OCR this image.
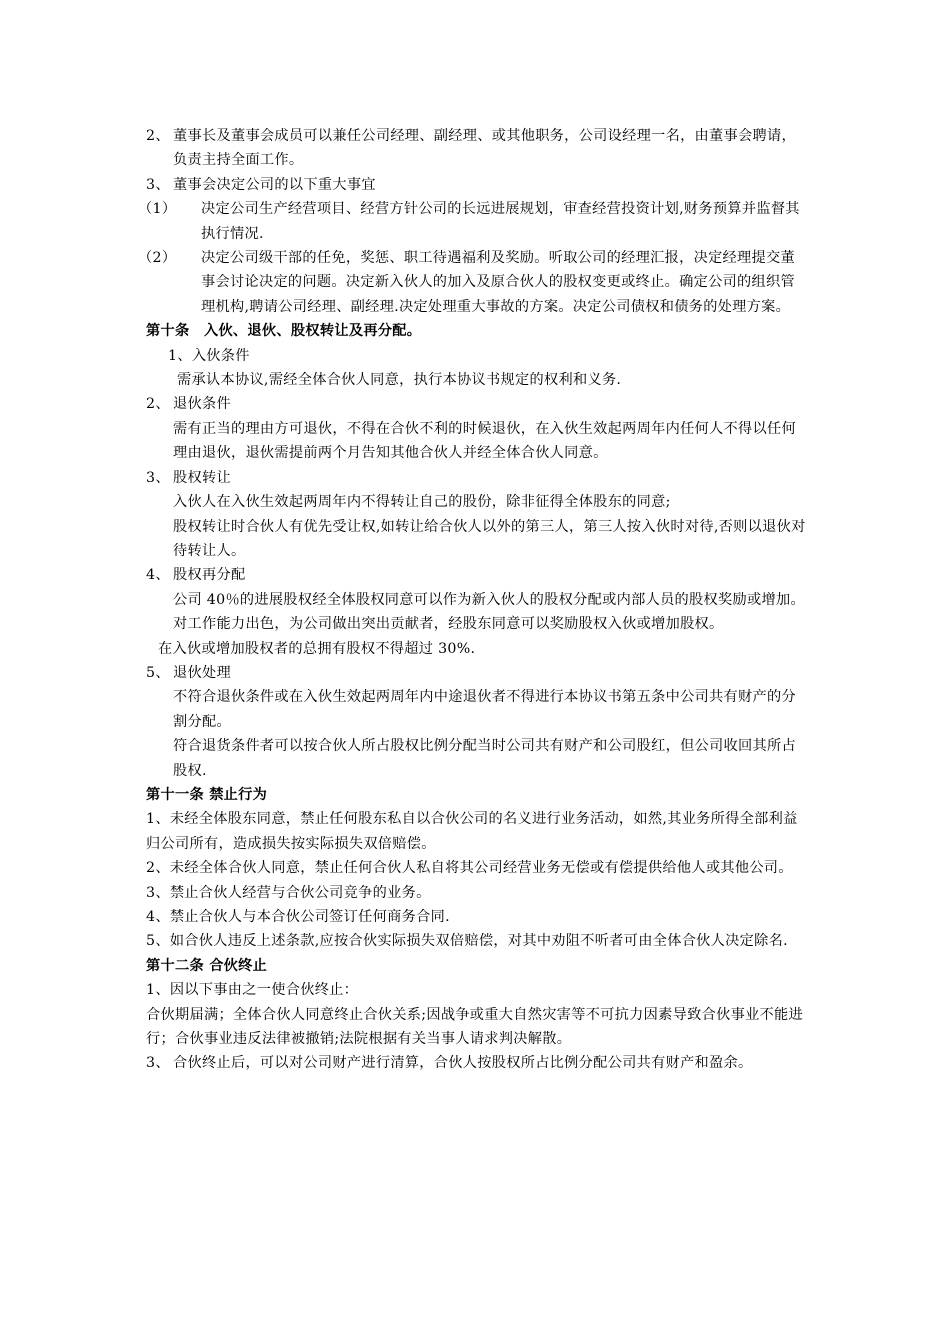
2、 董事长及董事会成员可以兼任公司经理、副经理、或其他职务，公司设经理一名，由董事会聘请，负责主持全面工作。
3、 董事会决定公司的以下重大事宜
（1）	决定公司生产经营项目、经营方针公司的长远进展规划，审查经营投资计划,财务预算并监督其执行情况.
（2）	决定公司级干部的任免，奖惩、职工待遇福利及奖励。听取公司的经理汇报，决定经理提交董事会讨论决定的问题。决定新入伙人的加入及原合伙人的股权变更或终止。确定公司的组织管理机构,聘请公司经理、副经理.决定处理重大事故的方案。决定公司债权和债务的处理方案。
第十条　入伙、退伙、股权转让及再分配。
1、入伙条件
需承认本协议,需经全体合伙人同意，执行本协议书规定的权利和义务.
2、 退伙条件
需有正当的理由方可退伙，不得在合伙不利的时候退伙，在入伙生效起两周年内任何人不得以任何理由退伙，退伙需提前两个月告知其他合伙人并经全体合伙人同意。
3、 股权转让
入伙人在入伙生效起两周年内不得转让自己的股份，除非征得全体股东的同意;
股权转让时合伙人有优先受让权,如转让给合伙人以外的第三人，第三人按入伙时对待,否则以退伙对待转让人。
4、 股权再分配
公司 40％的进展股权经全体股权同意可以作为新入伙人的股权分配或内部人员的股权奖励或增加。
对工作能力出色，为公司做出突出贡献者，经股东同意可以奖励股权入伙或增加股权。
在入伙或增加股权者的总拥有股权不得超过 30%.
5、 退伙处理
不符合退伙条件或在入伙生效起两周年内中途退伙者不得进行本协议书第五条中公司共有财产的分割分配。
符合退货条件者可以按合伙人所占股权比例分配当时公司共有财产和公司股红，但公司收回其所占股权.
第十一条 禁止行为
1、未经全体股东同意，禁止任何股东私自以合伙公司的名义进行业务活动，如然,其业务所得全部利益归公司所有，造成损失按实际损失双倍赔偿。
2、未经全体合伙人同意，禁止任何合伙人私自将其公司经营业务无偿或有偿提供给他人或其他公司。
3、禁止合伙人经营与合伙公司竞争的业务。
4、禁止合伙人与本合伙公司签订任何商务合同.
5、如合伙人违反上述条款,应按合伙实际损失双倍赔偿，对其中劝阻不听者可由全体合伙人决定除名.
第十二条 合伙终止
1、因以下事由之一使合伙终止：
合伙期届满；全体合伙人同意终止合伙关系;因战争或重大自然灾害等不可抗力因素导致合伙事业不能进行；合伙事业违反法律被撤销;法院根据有关当事人请求判决解散。
3、 合伙终止后，可以对公司财产进行清算，合伙人按股权所占比例分配公司共有财产和盈余。
